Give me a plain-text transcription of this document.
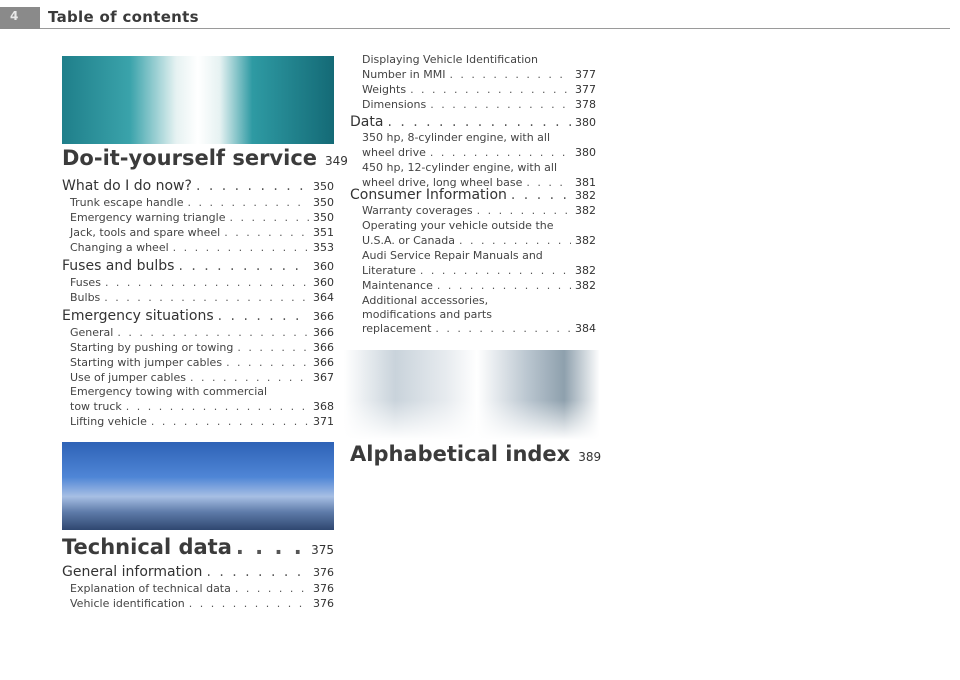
4 Table of contents
Do-it-yourself service 349
What do I do now? . . .	350
Trunk escape handle . . .	350
Emergency warning triangle . . .	350
Jack, tools and spare wheel . . .	351
Changing a wheel . . .	353
Fuses and bulbs . . .	360
Fuses . . .	360
Bulbs . . .	364
Emergency situations . . .	366
General . . .	366
Starting by pushing or towing . . .	366
Starting with jumper cables . . .	366
Use of jumper cables . . .	367
Emergency towing with commercial
tow truck . . .	368
Lifting vehicle . . .	371
Technical data . . .	375
General information . . .	376
Explanation of technical data . . .	376
Vehicle identification . . .	376
Displaying Vehicle Identification
Number in MMI . . .	377
Weights . . .	377
Dimensions . . .	378
Data . . .	380
350 hp, 8-cylinder engine, with all
wheel drive . . .	380
450 hp, 12-cylinder engine, with all
wheel drive, long wheel base . . .	381
Consumer Information . . .	382
Warranty coverages . . .	382
Operating your vehicle outside the
U.S.A. or Canada . . .	382
Audi Service Repair Manuals and
Literature . . .	382
Maintenance . . .	382
Additional accessories,
modifications and parts
replacement . . .	384
Alphabetical index 389
